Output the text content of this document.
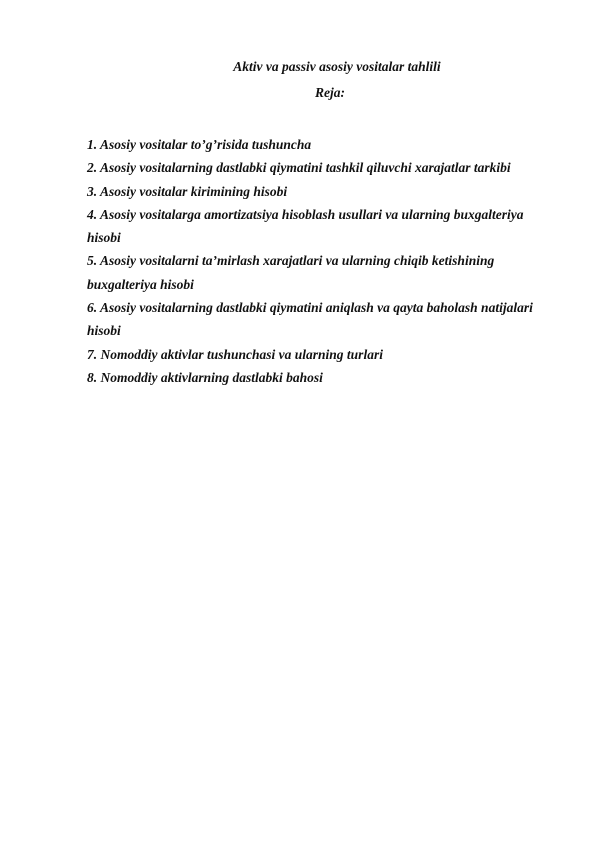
Aktiv va passiv asosiy vositalar tahlili
Reja:
1. Asosiy vositalar to’g’risida tushuncha
2. Asosiy vositalarning dastlabki qiymatini tashkil qiluvchi xarajatlar tarkibi
3. Asosiy vositalar kirimining hisobi
4. Asosiy vositalarga amortizatsiya hisoblash usullari va ularning buxgalteriya hisobi
5. Asosiy vositalarni ta’mirlash xarajatlari va ularning chiqib ketishining buxgalteriya hisobi
6. Asosiy vositalarning dastlabki qiymatini aniqlash va qayta baholash natijalari hisobi
7. Nomoddiy aktivlar tushunchasi va ularning turlari
8. Nomoddiy aktivlarning dastlabki bahosi
